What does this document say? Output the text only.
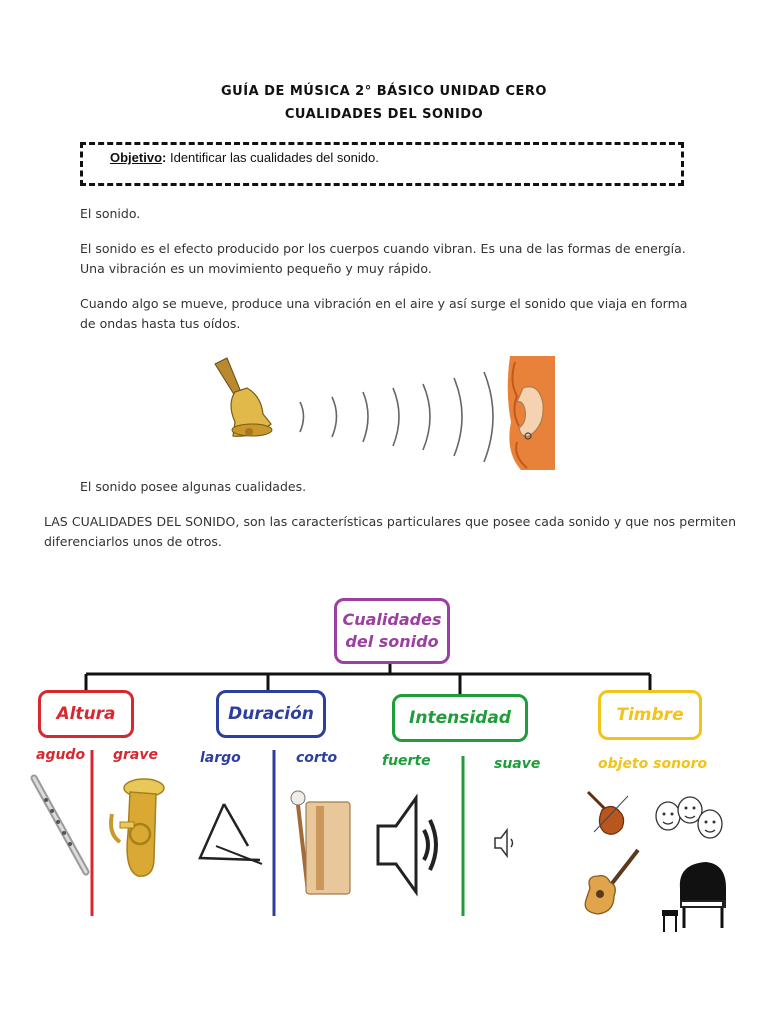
GUÍA DE MÚSICA 2° BÁSICO UNIDAD CERO
CUALIDADES DEL SONIDO
Objetivo: Identificar las cualidades del sonido.
El sonido.
El sonido es el efecto producido por los cuerpos cuando vibran. Es una de las formas de energía. Una vibración es un movimiento pequeño y muy rápido.
Cuando algo se mueve, produce una vibración en el aire y así surge el sonido que viaja en forma de ondas hasta tus oídos.
El sonido posee algunas cualidades.
LAS CUALIDADES DEL SONIDO, son las características particulares que posee cada sonido y que nos permiten diferenciarlos unos de otros.
Cualidades
del sonido
Altura	Duración	Intensidad	Timbre
agudo grave	largo	corto	fuerte	suave	objeto sonoro
